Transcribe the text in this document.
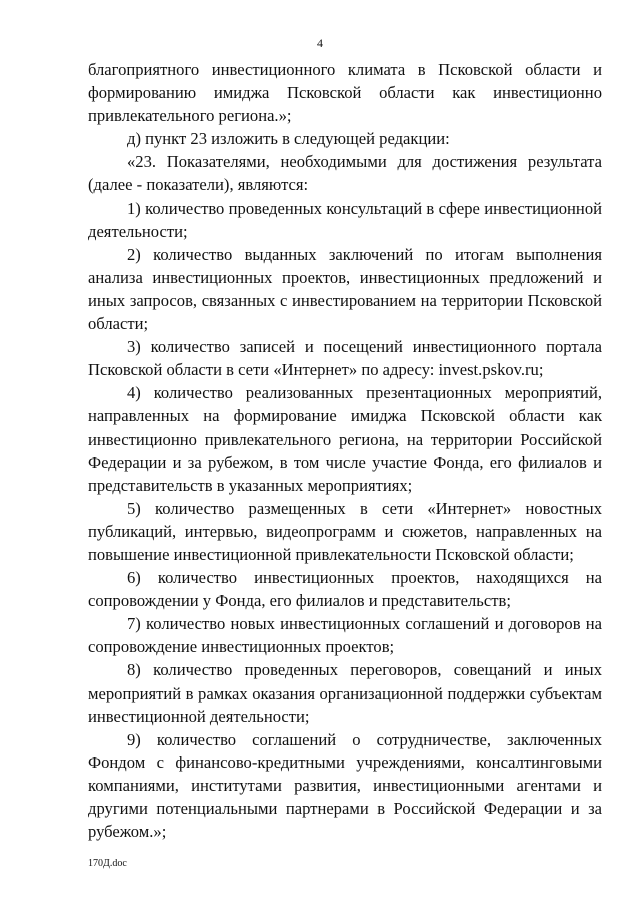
4

благоприятного инвестиционного климата в Псковской области и формированию имиджа Псковской области как инвестиционно привлекательного региона.»;

д) пункт 23 изложить в следующей редакции:

«23. Показателями, необходимыми для достижения результата (далее - показатели), являются:

1) количество проведенных консультаций в сфере инвестиционной деятельности;

2) количество выданных заключений по итогам выполнения анализа инвестиционных проектов, инвестиционных предложений и иных запросов, связанных с инвестированием на территории Псковской области;

3) количество записей и посещений инвестиционного портала Псковской области в сети «Интернет» по адресу: invest.pskov.ru;

4) количество реализованных презентационных мероприятий, направленных на формирование имиджа Псковской области как инвестиционно привлекательного региона, на территории Российской Федерации и за рубежом, в том числе участие Фонда, его филиалов и представительств в указанных мероприятиях;

5) количество размещенных в сети «Интернет» новостных публикаций, интервью, видеопрограмм и сюжетов, направленных на повышение инвестиционной привлекательности Псковской области;

6) количество инвестиционных проектов, находящихся на сопровождении у Фонда, его филиалов и представительств;

7) количество новых инвестиционных соглашений и договоров на сопровождение инвестиционных проектов;

8) количество проведенных переговоров, совещаний и иных мероприятий в рамках оказания организационной поддержки субъектам инвестиционной деятельности;

9) количество соглашений о сотрудничестве, заключенных Фондом с финансово-кредитными учреждениями, консалтинговыми компаниями, институтами развития, инвестиционными агентами и другими потенциальными партнерами в Российской Федерации и за рубежом.»;

170Д.doc
